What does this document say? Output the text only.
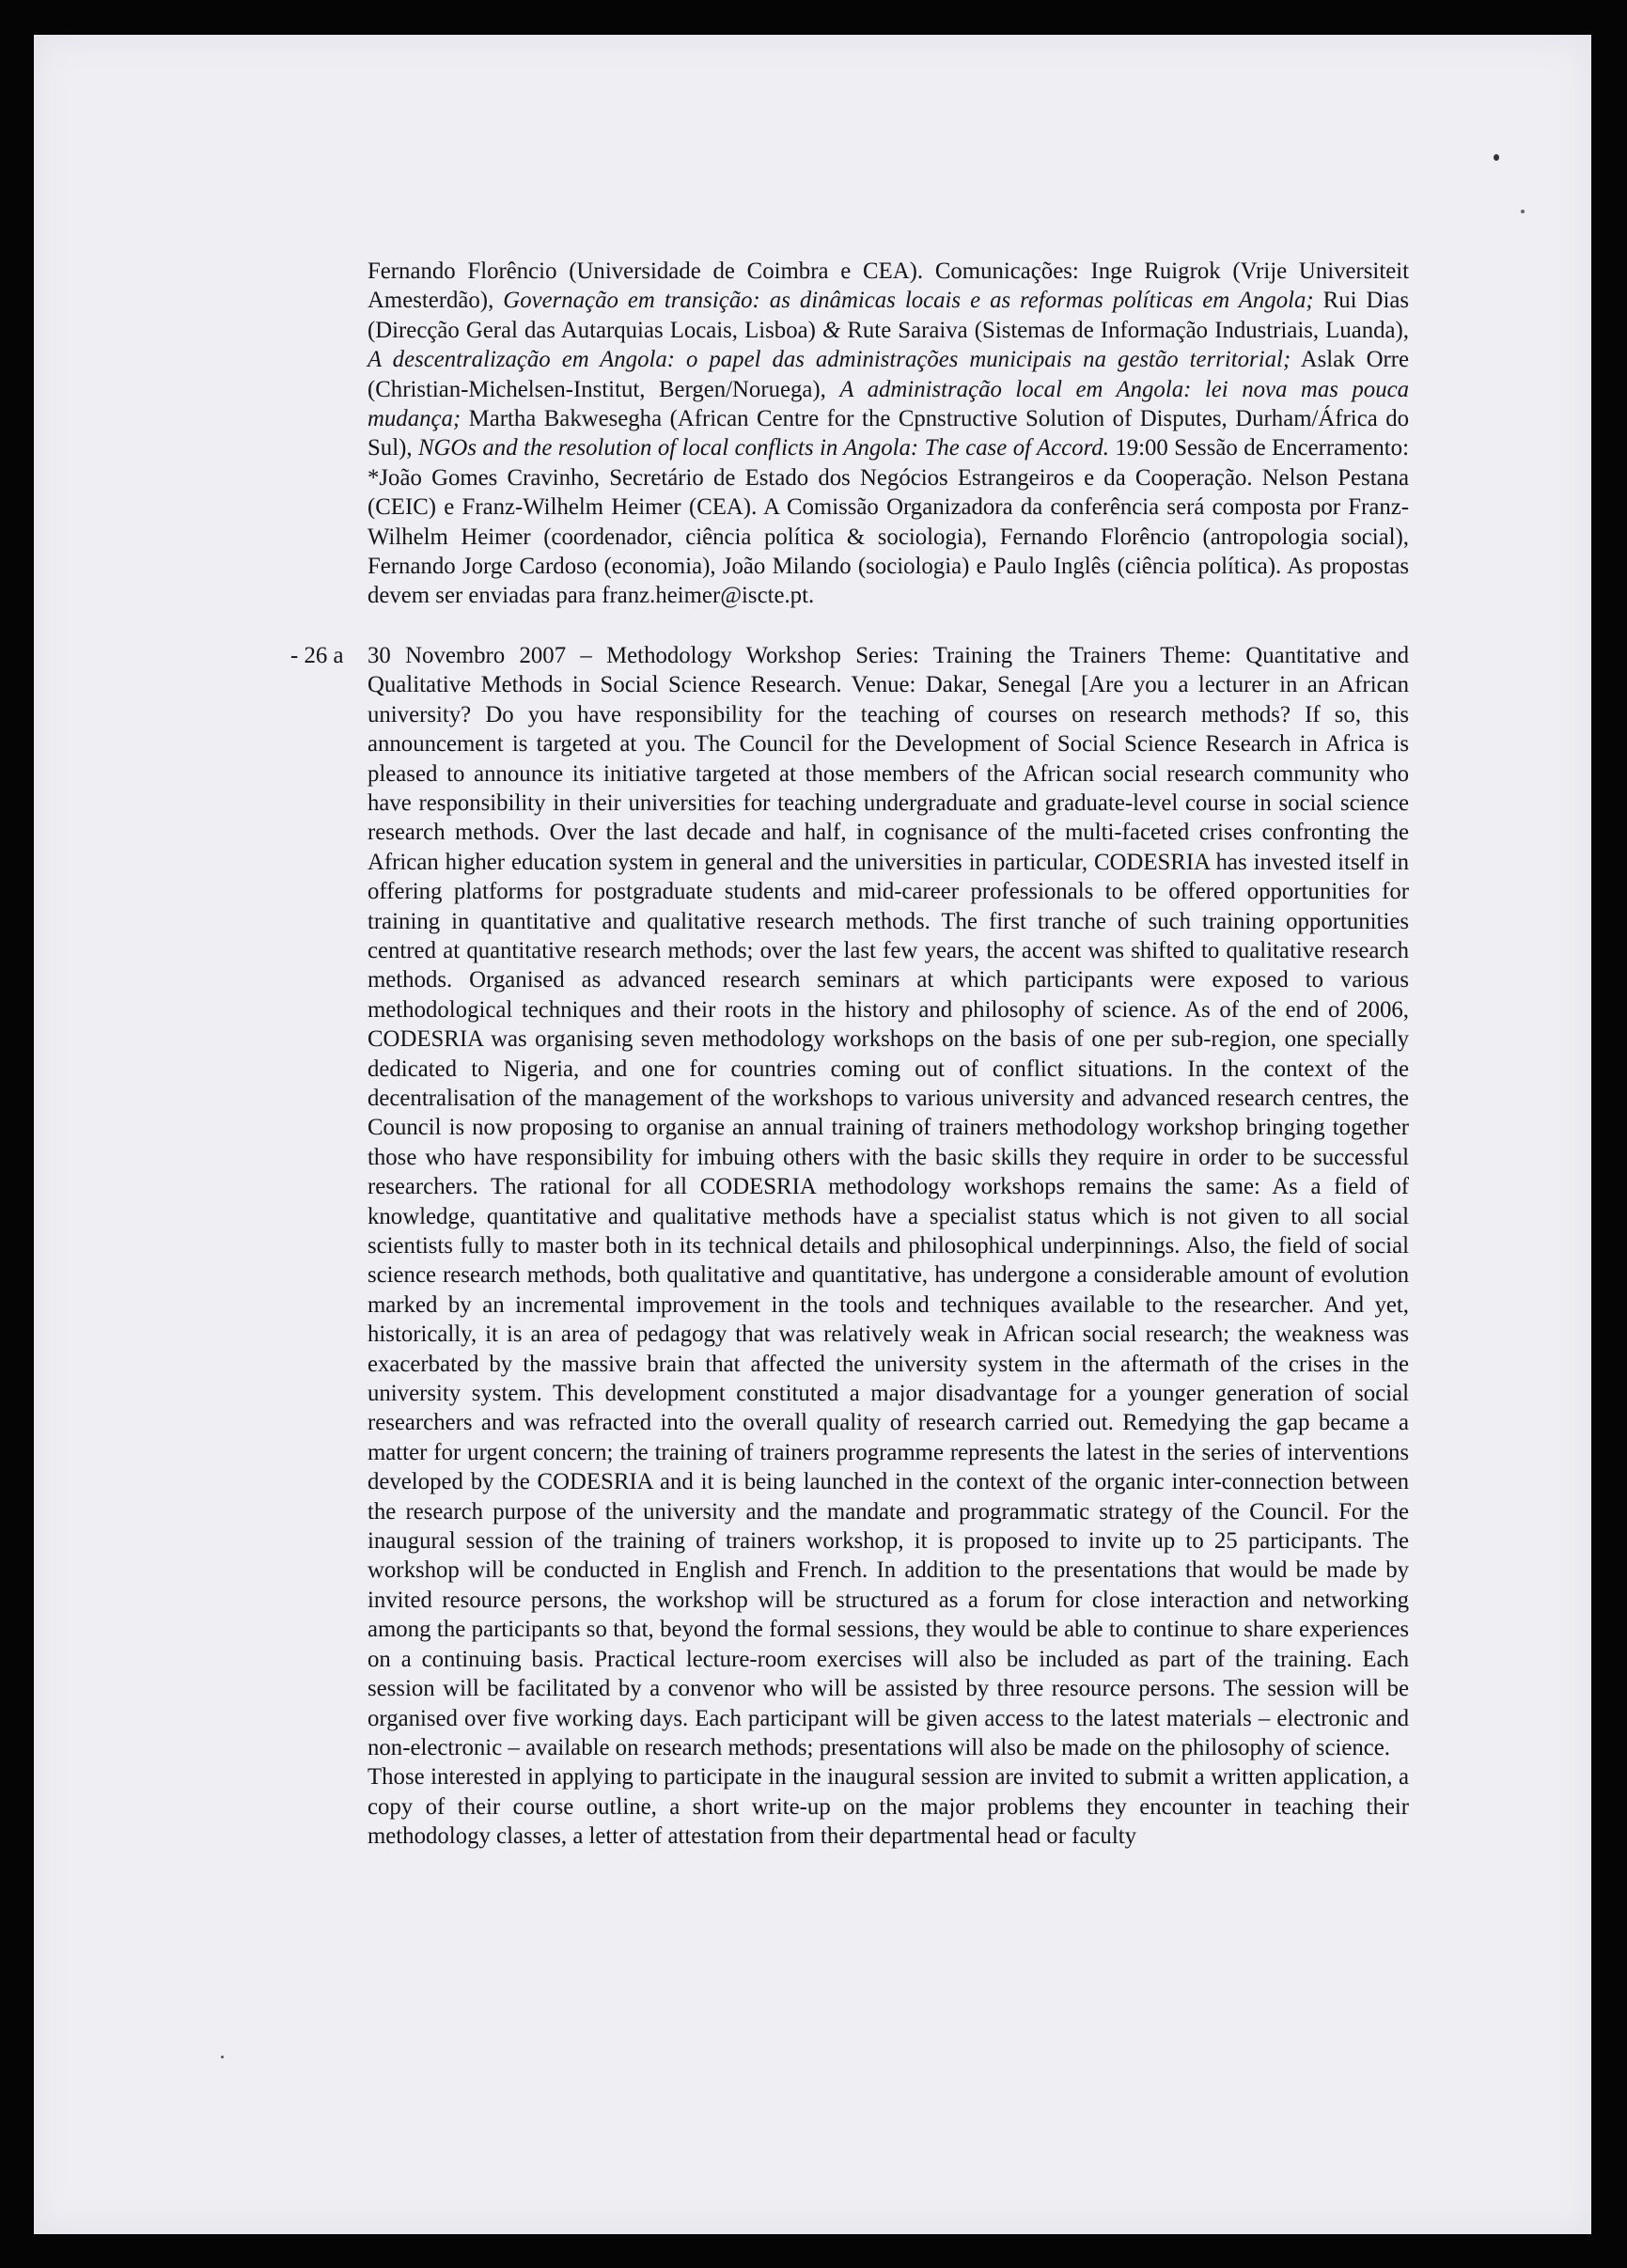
Fernando Florêncio (Universidade de Coimbra e CEA). Comunicações: Inge Ruigrok (Vrije Universiteit Amesterdão), Governação em transição: as dinâmicas locais e as reformas políticas em Angola; Rui Dias (Direcção Geral das Autarquias Locais, Lisboa) & Rute Saraiva (Sistemas de Informação Industriais, Luanda), A descentralização em Angola: o papel das administrações municipais na gestão territorial; Aslak Orre (Christian-Michelsen-Institut, Bergen/Noruega), A administração local em Angola: lei nova mas pouca mudança; Martha Bakwesegha (African Centre for the Cpnstructive Solution of Disputes, Durham/África do Sul), NGOs and the resolution of local conflicts in Angola: The case of Accord. 19:00 Sessão de Encerramento: *João Gomes Cravinho, Secretário de Estado dos Negócios Estrangeiros e da Cooperação. Nelson Pestana (CEIC) e Franz-Wilhelm Heimer (CEA). A Comissão Organizadora da conferência será composta por Franz-Wilhelm Heimer (coordenador, ciência política & sociologia), Fernando Florêncio (antropologia social), Fernando Jorge Cardoso (economia), João Milando (sociologia) e Paulo Inglês (ciência política). As propostas devem ser enviadas para franz.heimer@iscte.pt.

- 26 a 30 Novembro 2007 – Methodology Workshop Series: Training the Trainers Theme: Quantitative and Qualitative Methods in Social Science Research. Venue: Dakar, Senegal [Are you a lecturer in an African university? Do you have responsibility for the teaching of courses on research methods? If so, this announcement is targeted at you. The Council for the Development of Social Science Research in Africa is pleased to announce its initiative targeted at those members of the African social research community who have responsibility in their universities for teaching undergraduate and graduate-level course in social science research methods. Over the last decade and half, in cognisance of the multi-faceted crises confronting the African higher education system in general and the universities in particular, CODESRIA has invested itself in offering platforms for postgraduate students and mid-career professionals to be offered opportunities for training in quantitative and qualitative research methods. The first tranche of such training opportunities centred at quantitative research methods; over the last few years, the accent was shifted to qualitative research methods. Organised as advanced research seminars at which participants were exposed to various methodological techniques and their roots in the history and philosophy of science. As of the end of 2006, CODESRIA was organising seven methodology workshops on the basis of one per sub-region, one specially dedicated to Nigeria, and one for countries coming out of conflict situations. In the context of the decentralisation of the management of the workshops to various university and advanced research centres, the Council is now proposing to organise an annual training of trainers methodology workshop bringing together those who have responsibility for imbuing others with the basic skills they require in order to be successful researchers. The rational for all CODESRIA methodology workshops remains the same: As a field of knowledge, quantitative and qualitative methods have a specialist status which is not given to all social scientists fully to master both in its technical details and philosophical underpinnings. Also, the field of social science research methods, both qualitative and quantitative, has undergone a considerable amount of evolution marked by an incremental improvement in the tools and techniques available to the researcher. And yet, historically, it is an area of pedagogy that was relatively weak in African social research; the weakness was exacerbated by the massive brain that affected the university system in the aftermath of the crises in the university system. This development constituted a major disadvantage for a younger generation of social researchers and was refracted into the overall quality of research carried out. Remedying the gap became a matter for urgent concern; the training of trainers programme represents the latest in the series of interventions developed by the CODESRIA and it is being launched in the context of the organic inter-connection between the research purpose of the university and the mandate and programmatic strategy of the Council. For the inaugural session of the training of trainers workshop, it is proposed to invite up to 25 participants. The workshop will be conducted in English and French. In addition to the presentations that would be made by invited resource persons, the workshop will be structured as a forum for close interaction and networking among the participants so that, beyond the formal sessions, they would be able to continue to share experiences on a continuing basis. Practical lecture-room exercises will also be included as part of the training. Each session will be facilitated by a convenor who will be assisted by three resource persons. The session will be organised over five working days. Each participant will be given access to the latest materials – electronic and non-electronic – available on research methods; presentations will also be made on the philosophy of science.

Those interested in applying to participate in the inaugural session are invited to submit a written application, a copy of their course outline, a short write-up on the major problems they encounter in teaching their methodology classes, a letter of attestation from their departmental head or faculty
